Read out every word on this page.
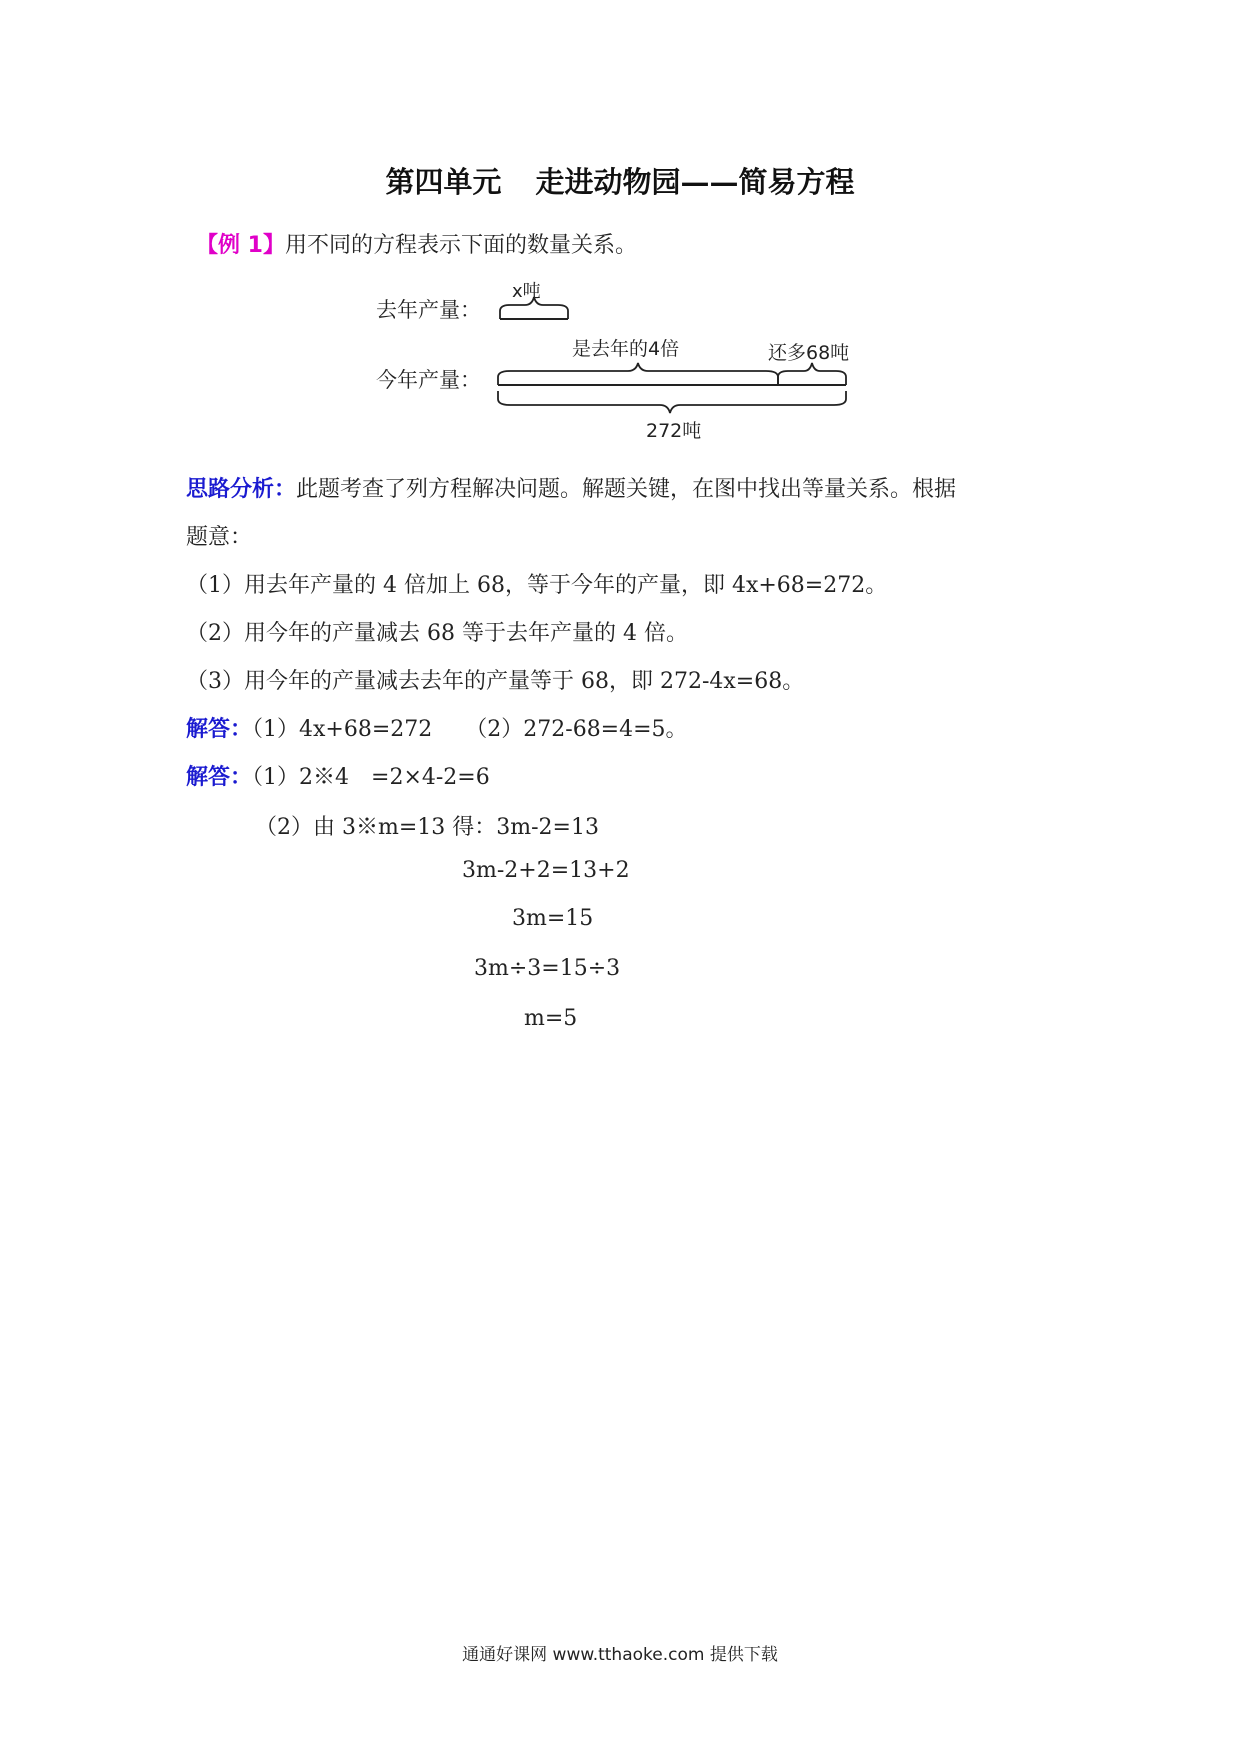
第四单元 走进动物园——简易方程
【例 1】用不同的方程表示下面的数量关系。
去年产量：
x吨
今年产量：
是去年的4倍	还多68吨
272吨
思路分析：此题考查了列方程解决问题。解题关键，在图中找出等量关系。根据
题意：
（1）用去年产量的 4 倍加上 68，等于今年的产量，即 4x+68=272。
（2）用今年的产量减去 68 等于去年产量的 4 倍。
（3）用今年的产量减去去年的产量等于 68，即 272-4x=68。
解答：（1）4x+68=272　　（2）272-68=4=5。
解答：（1）2※4　=2×4-2=6
（2）由 3※m=13 得：3m-2=13
3m-2+2=13+2
3m=15
3m÷3=15÷3
m=5
通通好课网 www.tthaoke.com 提供下载
